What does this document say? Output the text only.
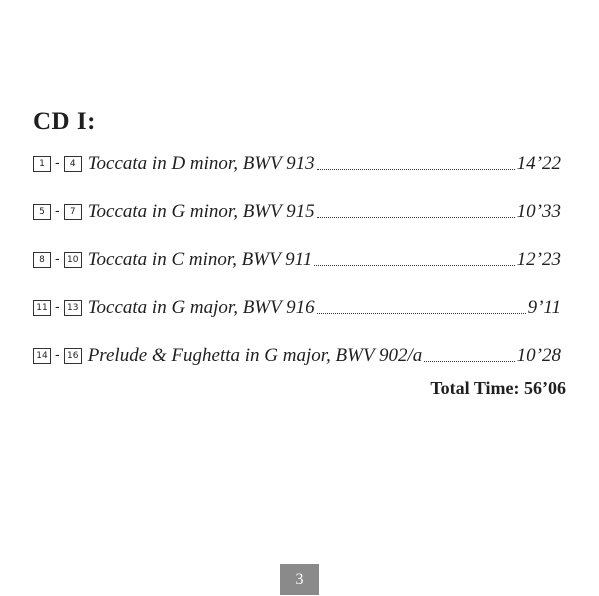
CD I:
1 -	4 Toccata in D minor, BWV 913	14’22
5 -	7 Toccata in G minor, BWV 915	10’33
8 - 10 Toccata in C minor, BWV 911	12’23
11 - 13 Toccata in G major, BWV 916	9’11
14 - 16 Prelude & Fughetta in G major, BWV 902/a	10’28
Total Time: 56’06
3
